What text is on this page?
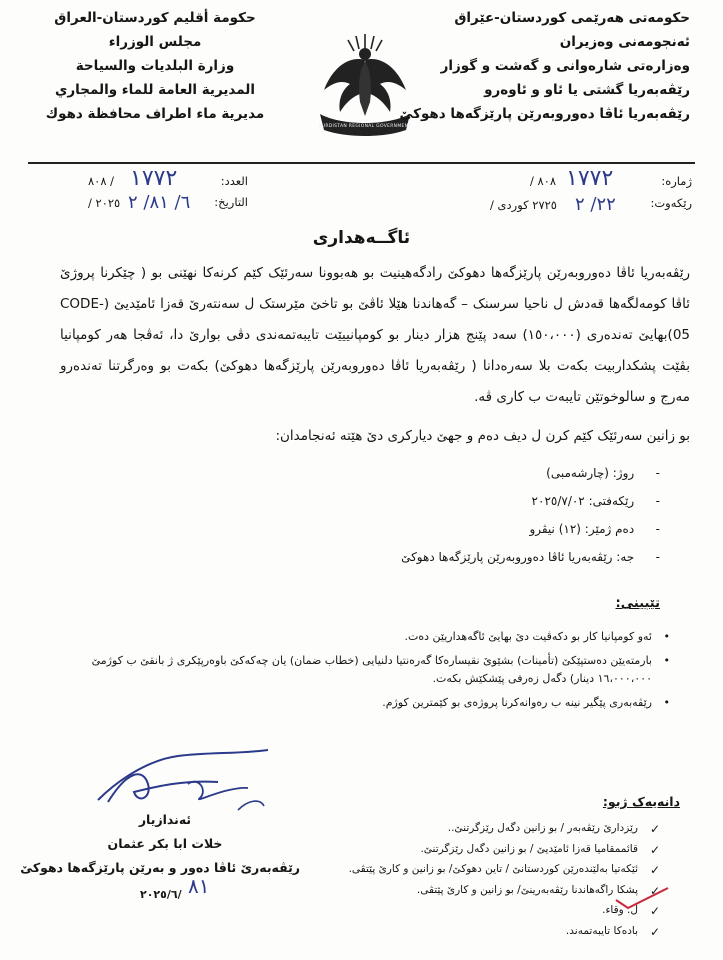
حكومة أقليم كوردستان-العراق
مجلس الوزراء
وزارة البلديات والسياحة
المديرية العامة للماء والمجاري
مديرية ماء اطراف محافظة دهوك
KURDISTAN REGIONAL GOVERNMENT
حکومەتی هەرێمی کوردستان-عێراق
ئەنجومەنی وەزیران
وەزارەتی شارەوانی و گەشت و گوزار
رێڤەبەریا گشتی یا ئاو و ئاوەرو
رێڤەبەریا ئاڤا دەوروبەرێن پارێزگەها دهوکێ
العدد:
٨٠٨ / ١٧٧٢
التاريخ:
/ ٢٠٢٥ ٦/ ٨١/ ٢
ژمارە:
/ ٨٠٨ ١٧٧٢
رێکەوت:
/ ٢٧٢٥ کوردی ٢٢/ ٢
ئاگــەهداری
رێڤەبەریا ئاڤا دەوروبەرێن پارێزگەها دهوکێ رادگەهینیت بو هەبوونا سەرئێک کێم کرنەکا نهێنی بو ( چێکرنا پروژێ ئاڤا کومەلگەها قەدش ل ناحیا سرسنک – گەهاندنا هێلا ئاڤێ بو تاخێ مێرستک ل سەنتەرێ قەزا ئامێدیێ (CODE-05)بهایێ تەندەری (١٥٠،٠٠٠) سەد پێنج هزار دینار بو کومپانییێت تایبەتمەندی دڤی بوارێ دا، ئەڤجا هەر کومپانیا بڤێت پشکداربیت بکەت بلا سەرەدانا ( رێڤەبەریا ئاڤا دەوروبەرێن پارێزگەها دهوکێ) بکەت بو وەرگرتنا تەندەرو مەرج و سالوخوتێن تایبەت ب کاری ڤە.
بو زانین سەرئێک کێم کرن ل دیف دەم و جهێ دیارکری دێ هێتە ئەنجامدان:
- روژ: (چارشەمبی)
- رێکەفتی: ٢٠٢٥/٧/٠٢
- دەم ژمێر: (١٢) نیڤرو
- جه: رێڤەبەریا ئاڤا دەوروبەرێن پارێزگەها دهوکێ
تێبینی:
•
ئەو کومپانیا کار بو دکەڤیت دێ بهایێ ئاگەهداریێن دەت.
•
بارمتەیێن دەستپێکێ (تأمينات) بشێوێ نقیسارەکا گەرەنتیا دلنیایی (خطاب ضمان) یان چەکەکێ باوەرپێکری ژ بانقێ ب کوژمێ ١٦،٠٠٠،٠٠٠ دینار) دگەل زەرفی پێشکێش بکەت.
•
رێڤەبەری پێگیر نینە ب رەوانەکرنا پروژەی بو کێمترین کوژم.
ئەندازیار
خلات ابا بكر عثمان
رێڤەبەرێ ئاڤا دەور و بەرێن پارێزگەها دهوکێ
٢٠٢٥/٦/ ٨١
دانەیەک ژبو:
✓
رێزدارێ رێڤەبەر / بو زانین دگەل رێزگرتنێ..
✓
قائممقامیا قەزا ئامێدیێ / بو زانین دگەل رێزگرتنێ.
✓
ئێکەتیا بەلێندەرێن کوردستانێ / تاین دهوکێ/ بو زانین و کارێ پێتڤی.
✓
پشکا راگەهاندنا رێڤەبەرینێ/ بو زانین و کارێ پێتڤی.
✓
ل. وقاء.
✓
بادەکا تایبەتمەند.
